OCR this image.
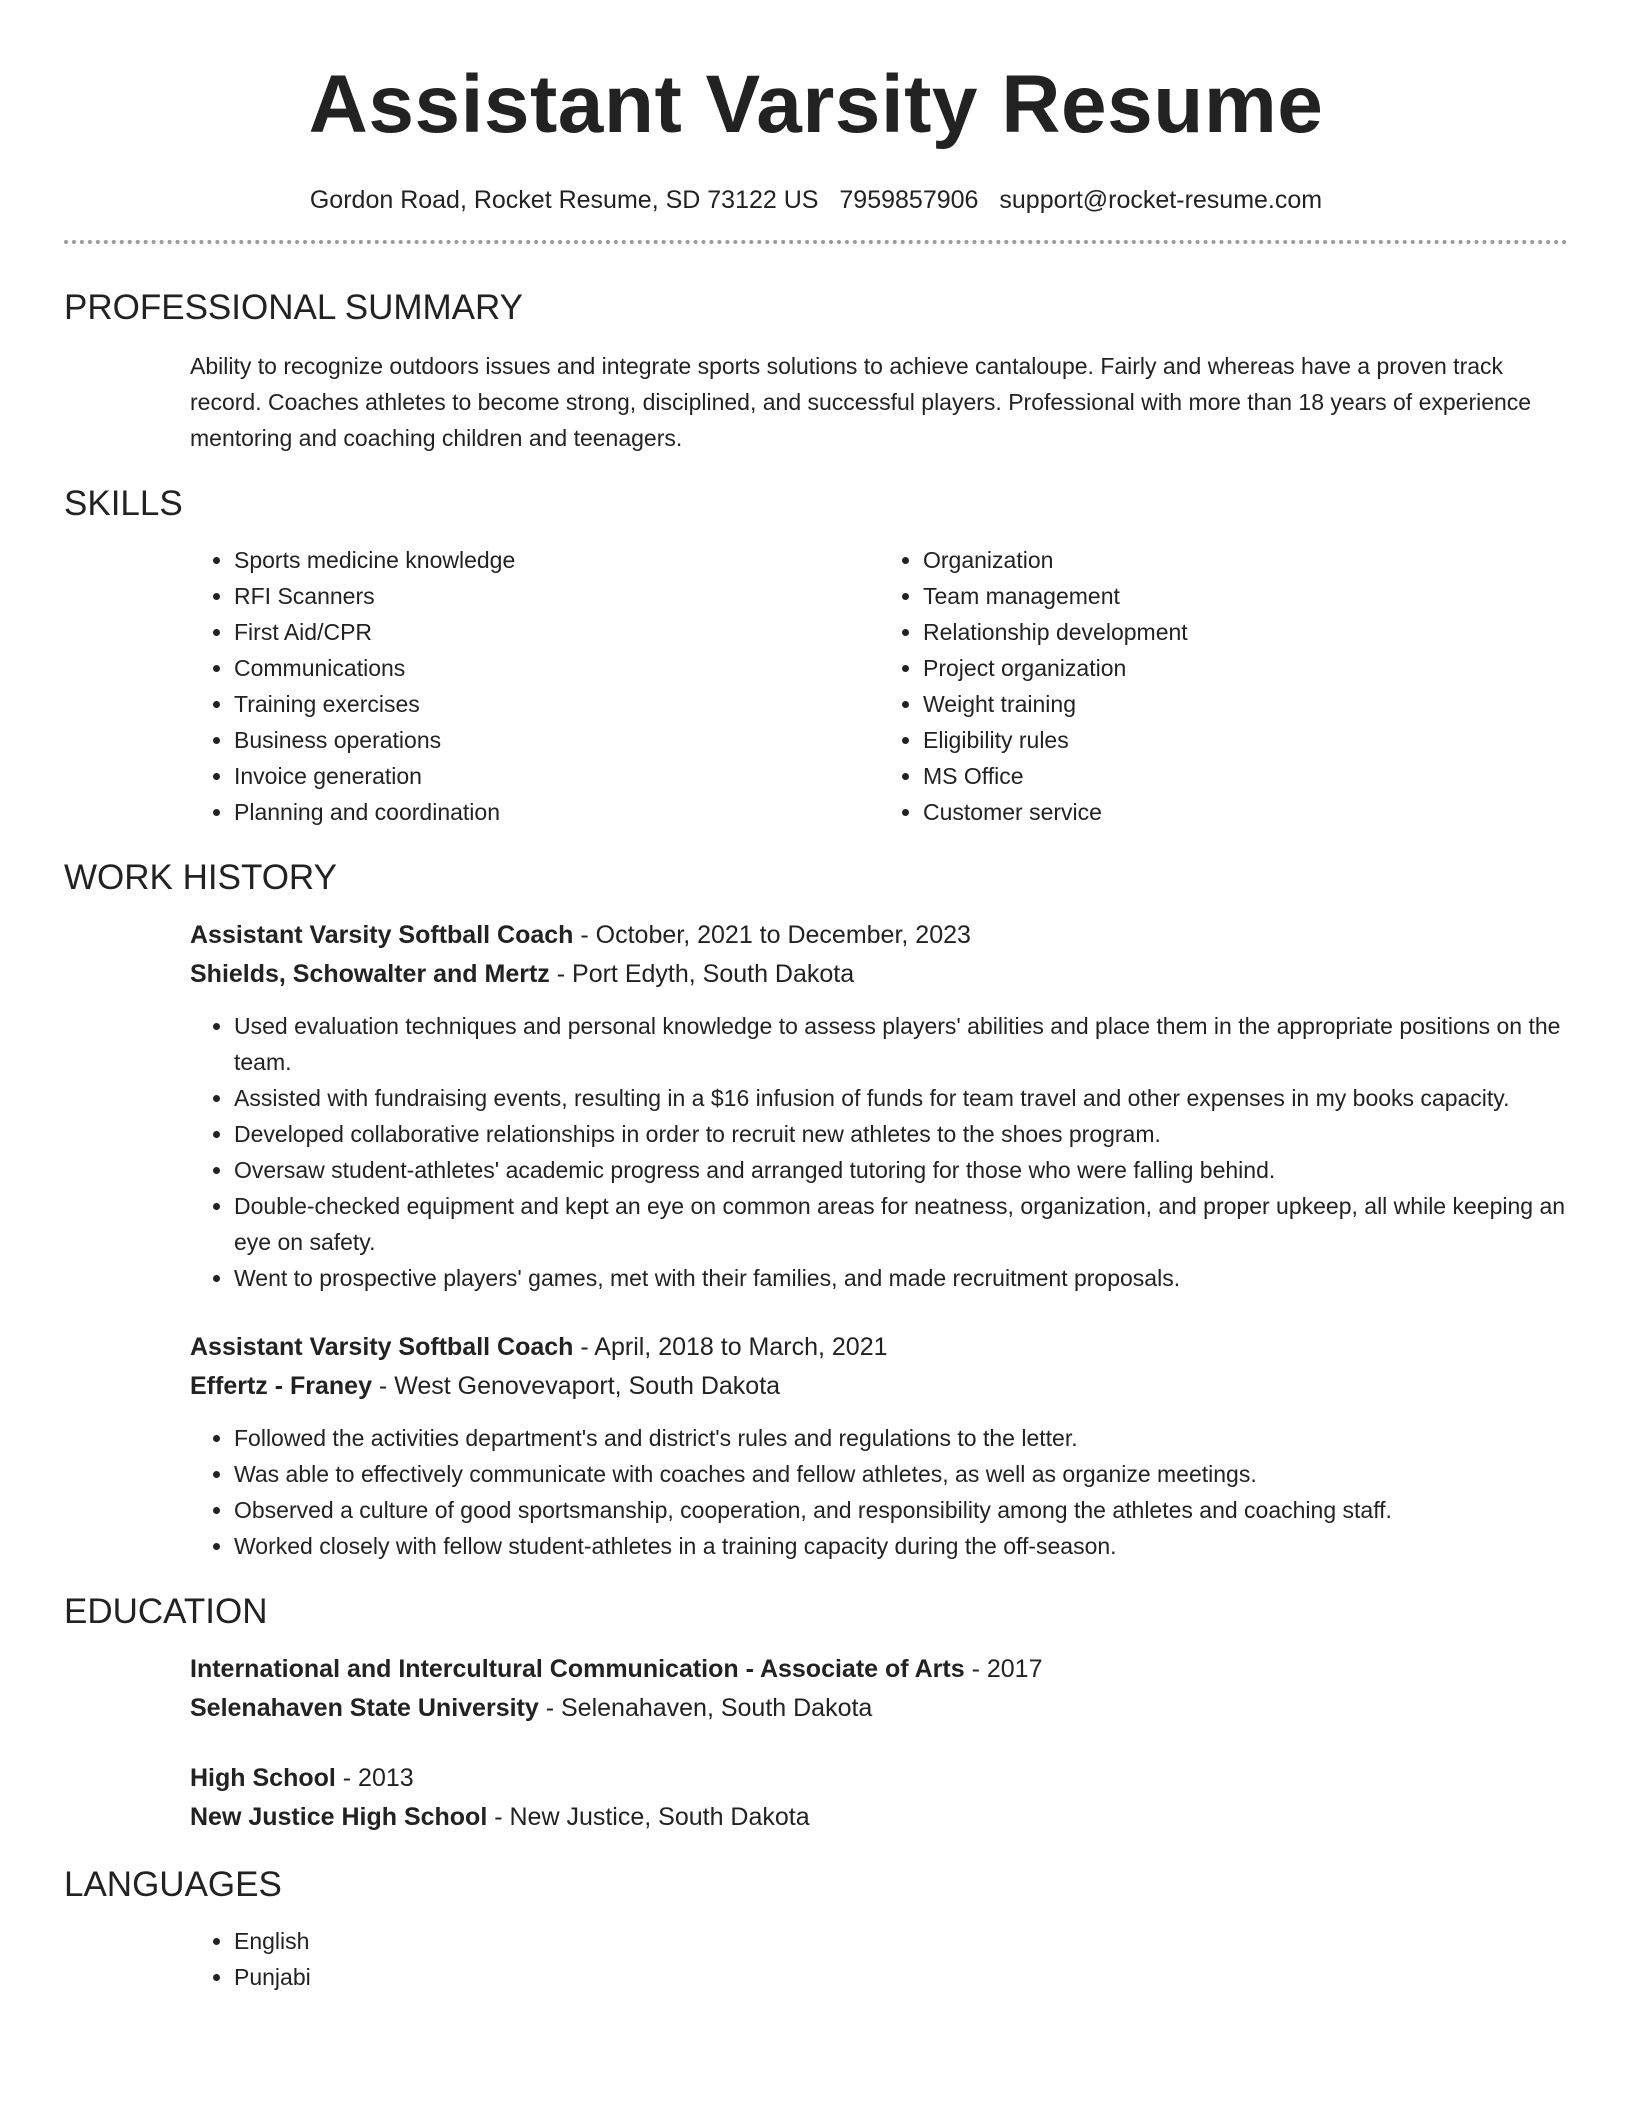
Assistant Varsity Resume
Gordon Road, Rocket Resume, SD 73122 US 7959857906 support@rocket-resume.com
PROFESSIONAL SUMMARY
Ability to recognize outdoors issues and integrate sports solutions to achieve cantaloupe. Fairly and whereas have a proven track record. Coaches athletes to become strong, disciplined, and successful players. Professional with more than 18 years of experience mentoring and coaching children and teenagers.
SKILLS
• Sports medicine knowledge
• RFI Scanners
• First Aid/CPR
• Communications
• Training exercises
• Business operations
• Invoice generation
• Planning and coordination
• Organization
• Team management
• Relationship development
• Project organization
• Weight training
• Eligibility rules
• MS Office
• Customer service
WORK HISTORY
Assistant Varsity Softball Coach - October, 2021 to December, 2023
Shields, Schowalter and Mertz - Port Edyth, South Dakota
• Used evaluation techniques and personal knowledge to assess players' abilities and place them in the appropriate positions on the team.
• Assisted with fundraising events, resulting in a $16 infusion of funds for team travel and other expenses in my books capacity.
• Developed collaborative relationships in order to recruit new athletes to the shoes program.
• Oversaw student-athletes' academic progress and arranged tutoring for those who were falling behind.
• Double-checked equipment and kept an eye on common areas for neatness, organization, and proper upkeep, all while keeping an eye on safety.
• Went to prospective players' games, met with their families, and made recruitment proposals.
Assistant Varsity Softball Coach - April, 2018 to March, 2021
Effertz - Franey - West Genovevaport, South Dakota
• Followed the activities department's and district's rules and regulations to the letter.
• Was able to effectively communicate with coaches and fellow athletes, as well as organize meetings.
• Observed a culture of good sportsmanship, cooperation, and responsibility among the athletes and coaching staff.
• Worked closely with fellow student-athletes in a training capacity during the off-season.
EDUCATION
International and Intercultural Communication - Associate of Arts - 2017
Selenahaven State University - Selenahaven, South Dakota
High School - 2013
New Justice High School - New Justice, South Dakota
LANGUAGES
• English
• Punjabi
